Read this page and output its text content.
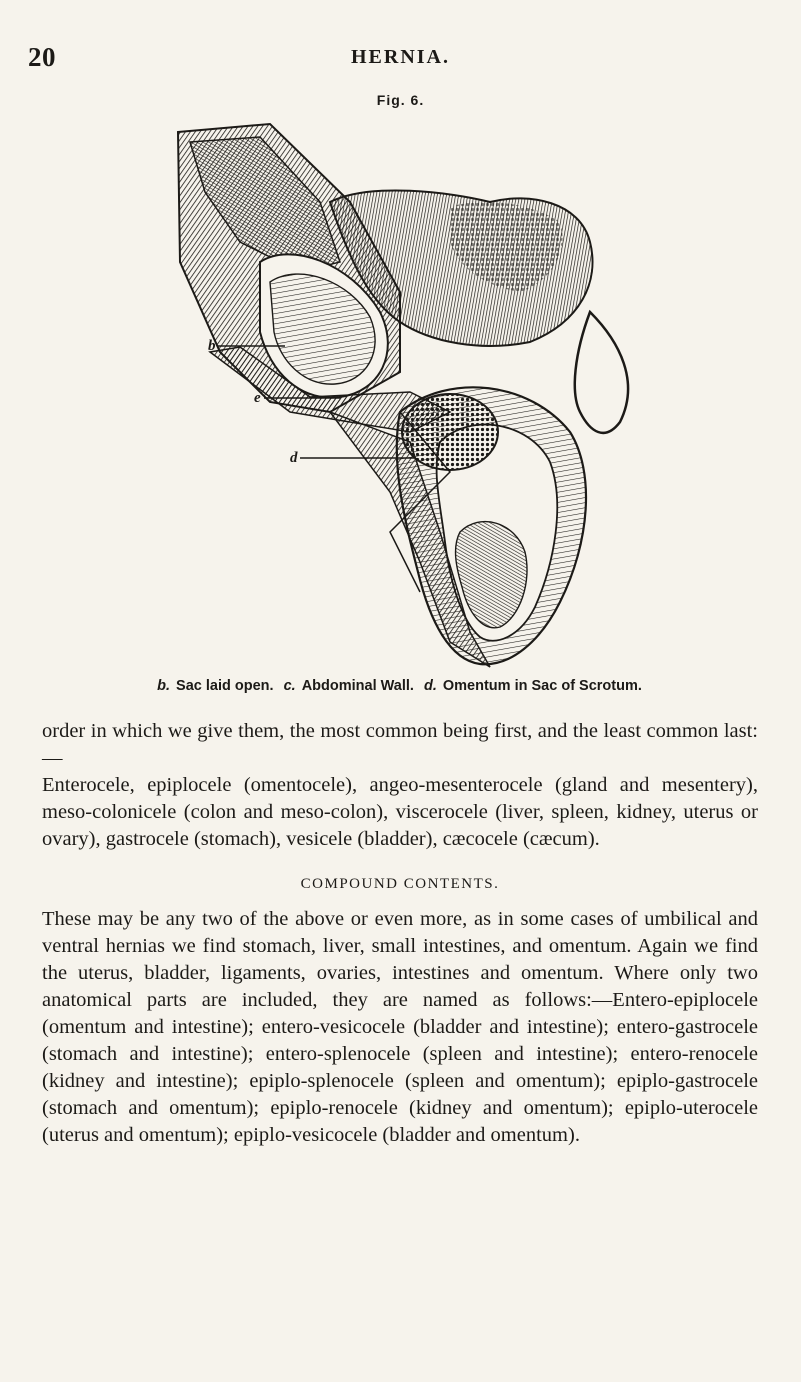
20	HERNIA.
Fig. 6.
b
e
d
b. Sac laid open. c. Abdominal Wall. d. Omentum in Sac of Scrotum.

order in which we give them, the most common being first, and the least common last:—

Enterocele, epiplocele (omentocele), angeo-mesenterocele (gland and mesentery), meso-colonicele (colon and meso-colon), viscerocele (liver, spleen, kidney, uterus or ovary), gastrocele (stomach), vesicele (bladder), cæcocele (cæcum).

COMPOUND CONTENTS.

These may be any two of the above or even more, as in some cases of umbilical and ventral hernias we find stomach, liver, small intestines, and omentum. Again we find the uterus, bladder, ligaments, ovaries, intestines and omentum. Where only two anatomical parts are included, they are named as follows:—Entero-epiplocele (omentum and intestine); entero-vesicocele (bladder and intestine); entero-gastrocele (stomach and intestine); entero-splenocele (spleen and intestine); entero-renocele (kidney and intestine); epiplo-splenocele (spleen and omentum); epiplo-gastrocele (stomach and omentum); epiplo-renocele (kidney and omentum); epiplo-uterocele (uterus and omentum); epiplo-vesicocele (bladder and omentum).
